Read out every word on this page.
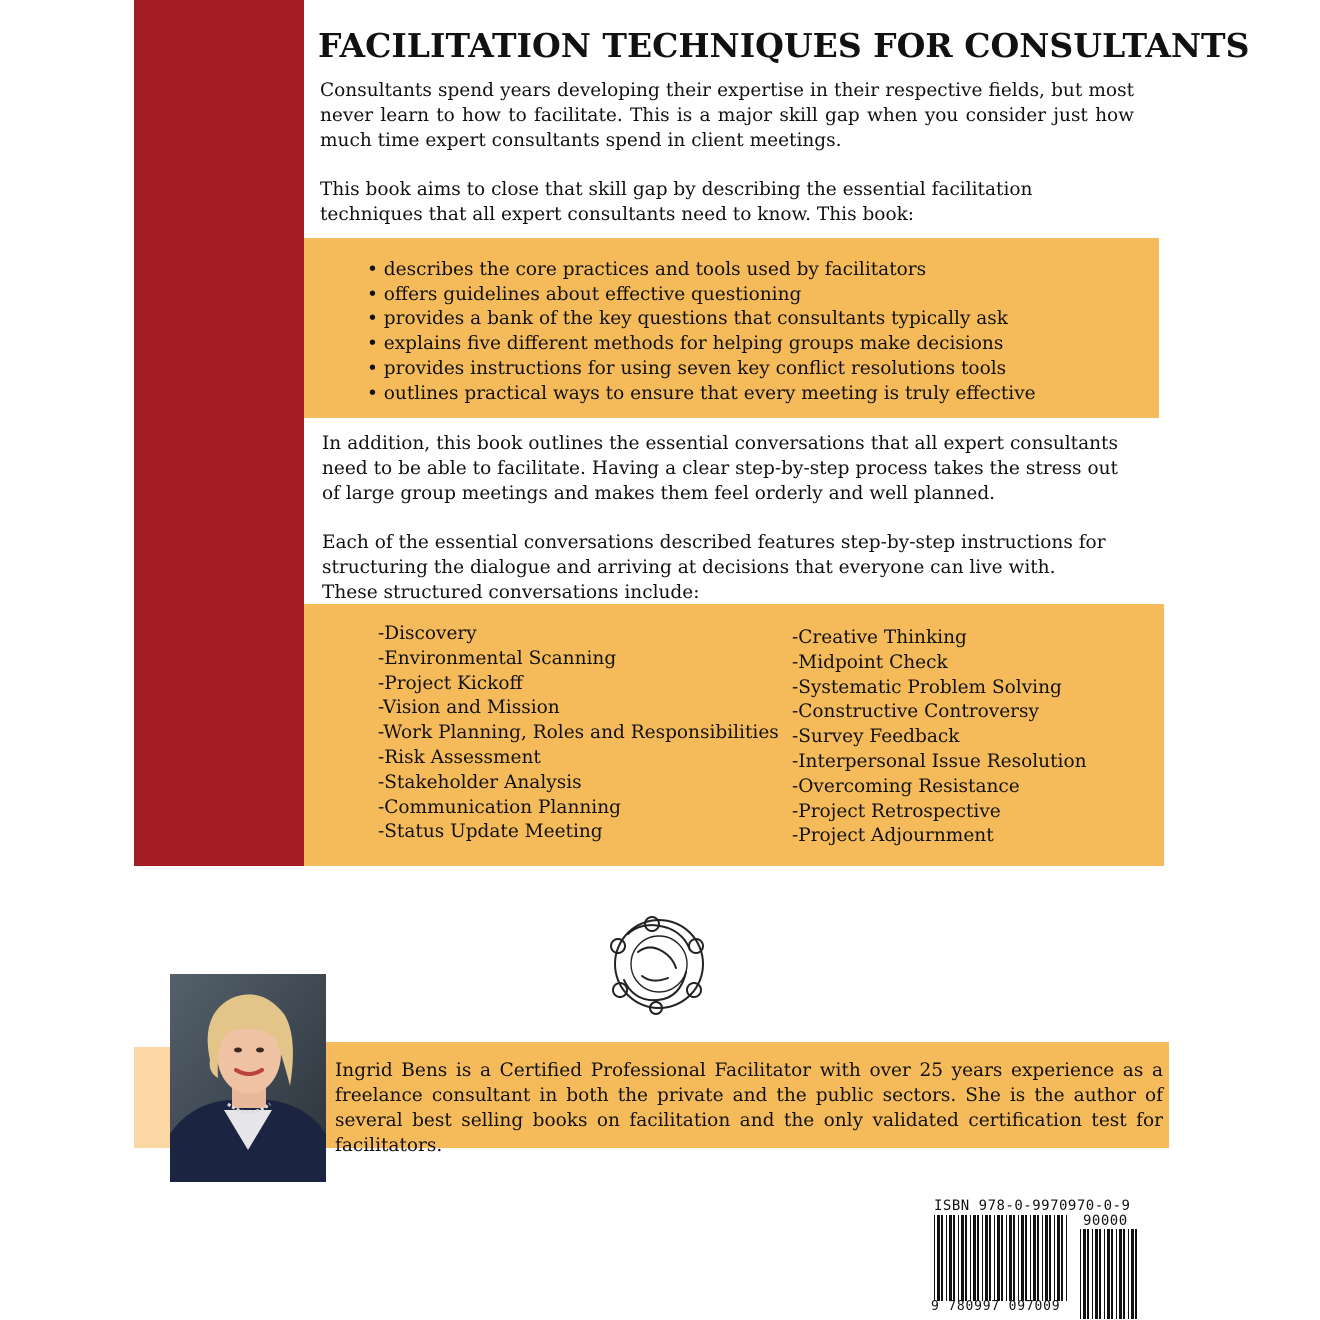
FACILITATION TECHNIQUES FOR CONSULTANTS

Consultants spend years developing their expertise in their respective fields, but most never learn to how to facilitate. This is a major skill gap when you consider just how much time expert consultants spend in client meetings.

This book aims to close that skill gap by describing the essential facilitation techniques that all expert consultants need to know. This book:

• describes the core practices and tools used by facilitators
• offers guidelines about effective questioning
• provides a bank of the key questions that consultants typically ask
• explains five different methods for helping groups make decisions
• provides instructions for using seven key conflict resolutions tools
• outlines practical ways to ensure that every meeting is truly effective

In addition, this book outlines the essential conversations that all expert consultants need to be able to facilitate. Having a clear step-by-step process takes the stress out of large group meetings and makes them feel orderly and well planned.

Each of the essential conversations described features step-by-step instructions for
structuring the dialogue and arriving at decisions that everyone can live with.
These structured conversations include:
-Discovery
-Environmental Scanning
-Project Kickoff
-Vision and Mission
-Work Planning, Roles and Responsibilities
-Risk Assessment
-Stakeholder Analysis
-Communication Planning
-Status Update Meeting
-Creative Thinking
-Midpoint Check
-Systematic Problem Solving
-Constructive Controversy
-Survey Feedback
-Interpersonal Issue Resolution
-Overcoming Resistance
-Project Retrospective
-Project Adjournment

Ingrid Bens is a Certified Professional Facilitator with over 25 years experience as a freelance consultant in both the private and the public sectors. She is the author of several best selling books on facilitation and the only validated certification test for facilitators.

ISBN 978-0-9970970-0-9
90000
9 780997 097009
